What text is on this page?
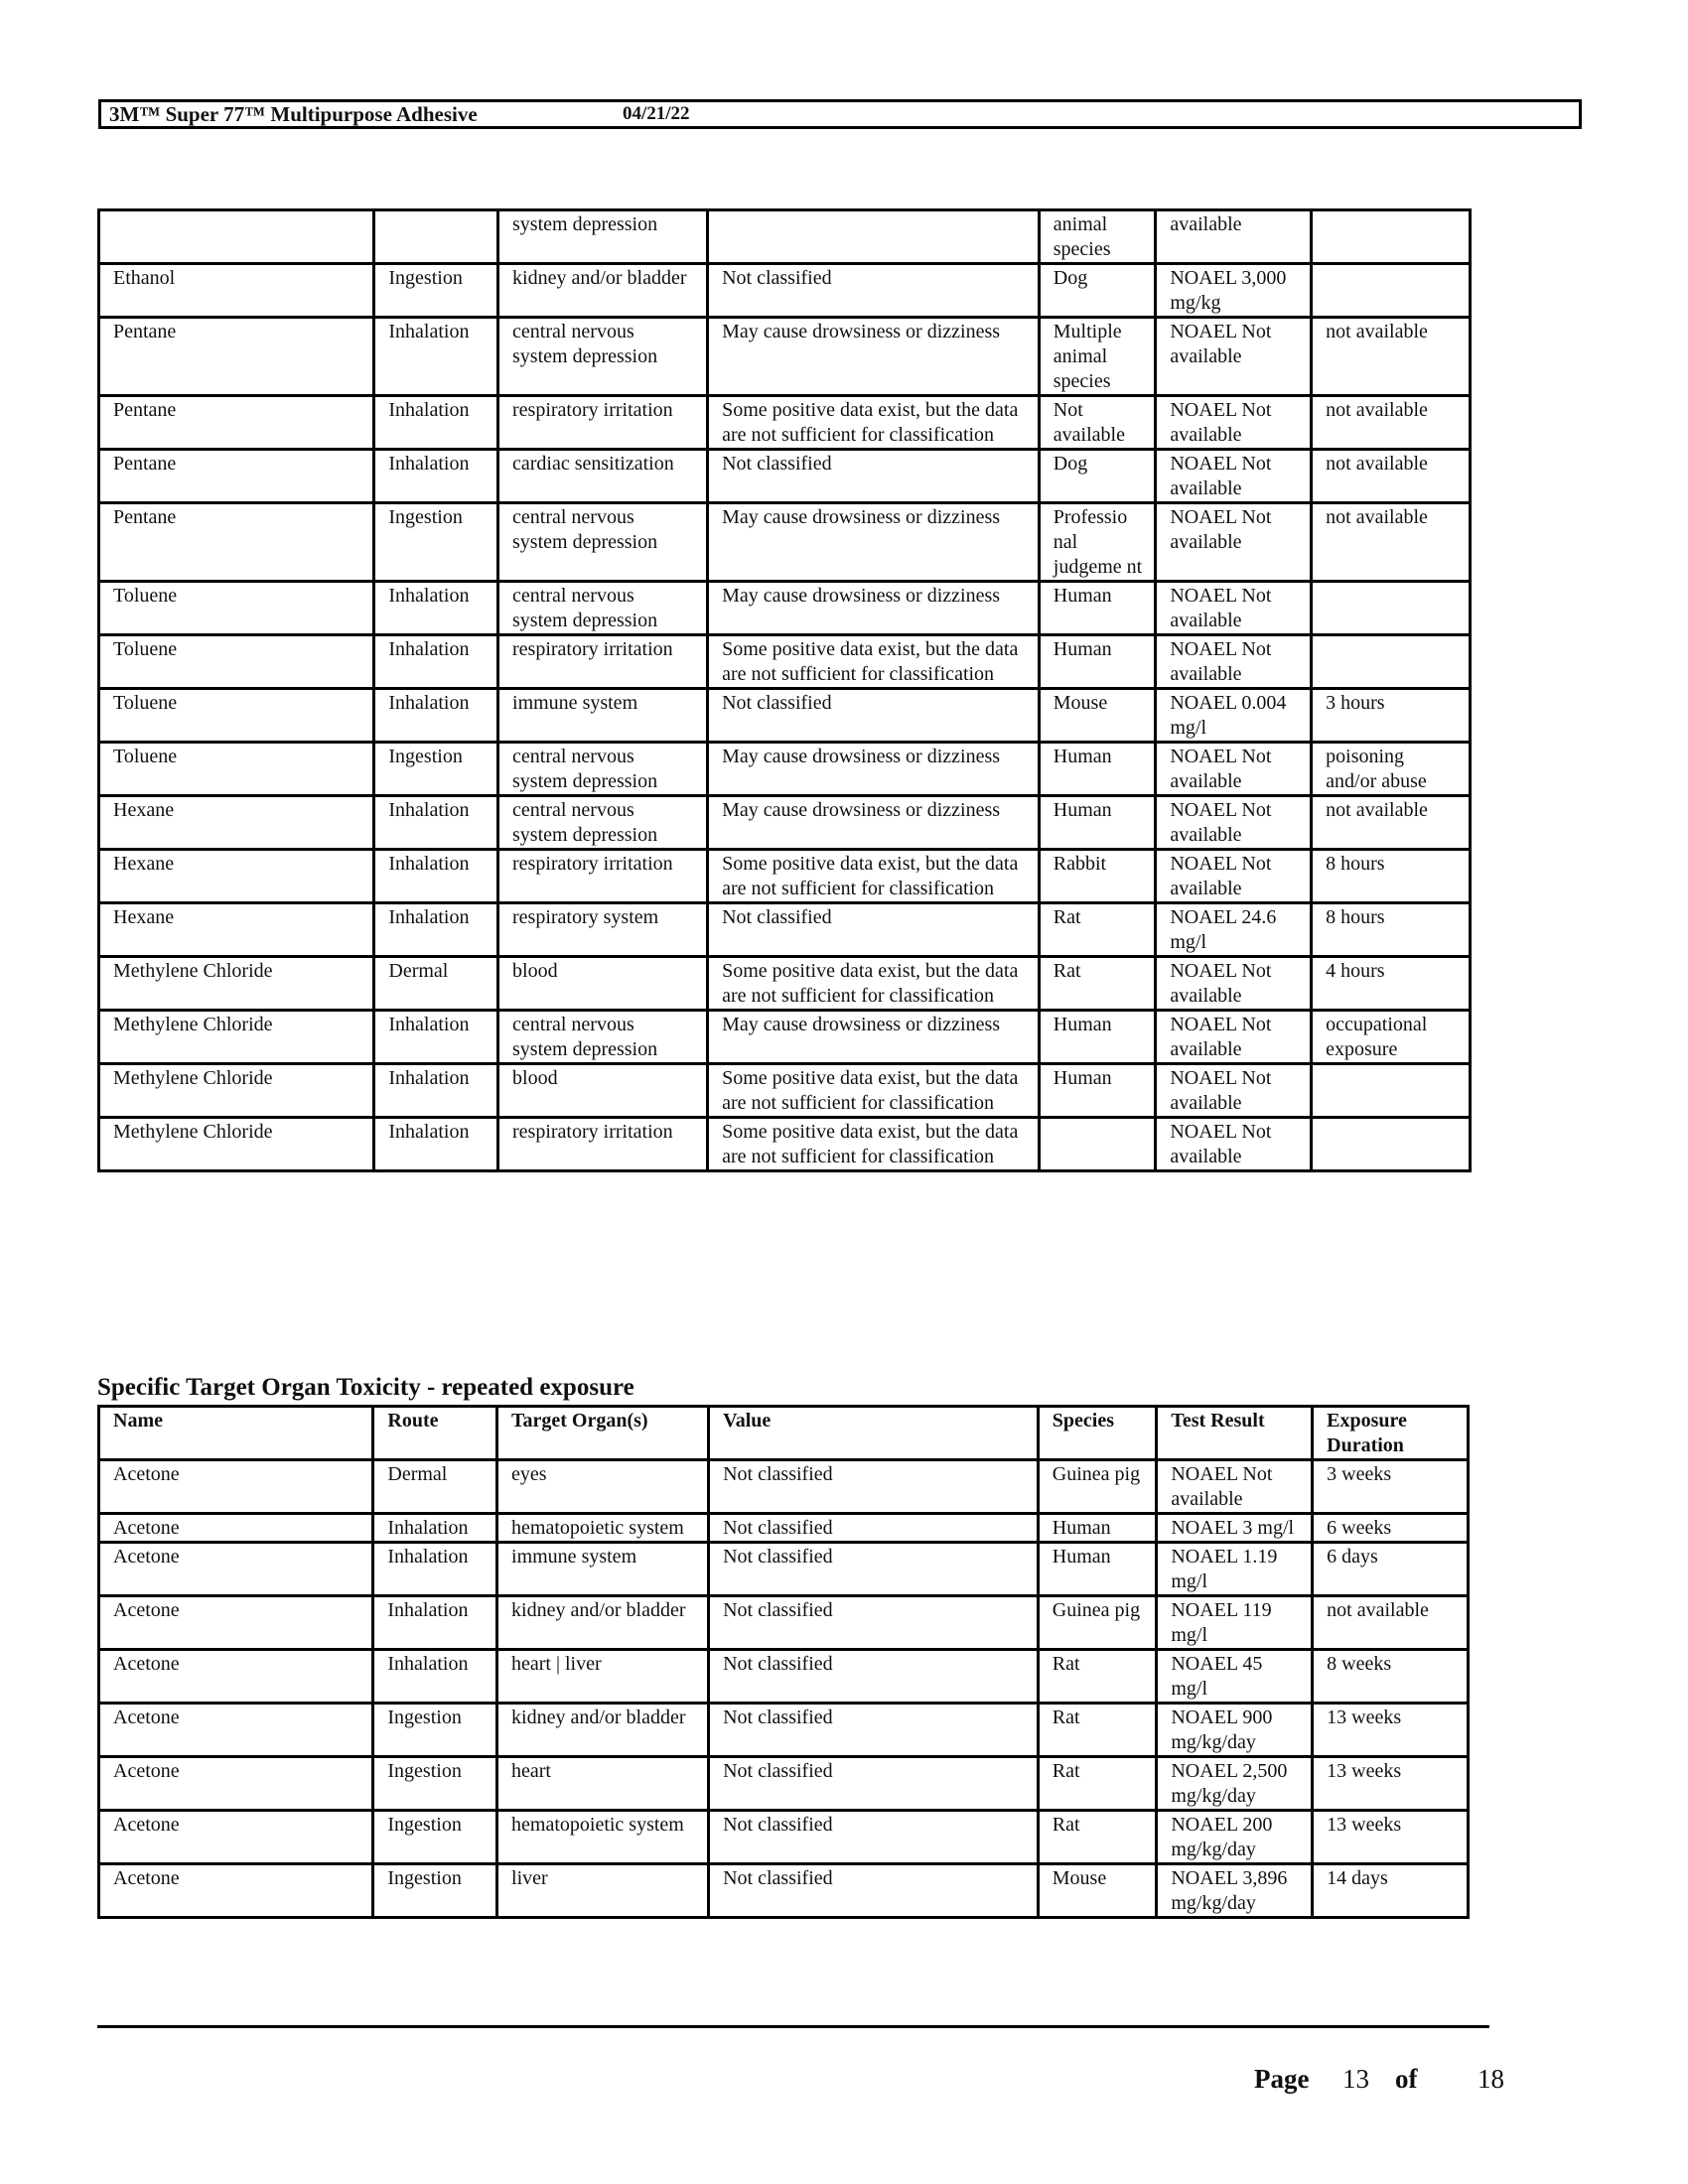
3M™ Super 77™ Multipurpose Adhesive	04/21/22
		system depression		animal species	available	
Ethanol	Ingestion	kidney and/or bladder	Not classified	Dog	NOAEL 3,000 mg/kg	
Pentane	Inhalation	central nervous system depression	May cause drowsiness or dizziness	Multiple animal species	NOAEL Not available	not available
Pentane	Inhalation	respiratory irritation	Some positive data exist, but the data are not sufficient for classification	Not available	NOAEL Not available	not available
Pentane	Inhalation	cardiac sensitization	Not classified	Dog	NOAEL Not available	not available
Pentane	Ingestion	central nervous system depression	May cause drowsiness or dizziness	Professio nal judgeme nt	NOAEL Not available	not available
Toluene	Inhalation	central nervous system depression	May cause drowsiness or dizziness	Human	NOAEL Not available	
Toluene	Inhalation	respiratory irritation	Some positive data exist, but the data are not sufficient for classification	Human	NOAEL Not available	
Toluene	Inhalation	immune system	Not classified	Mouse	NOAEL 0.004 mg/l	3 hours
Toluene	Ingestion	central nervous system depression	May cause drowsiness or dizziness	Human	NOAEL Not available	poisoning and/or abuse
Hexane	Inhalation	central nervous system depression	May cause drowsiness or dizziness	Human	NOAEL Not available	not available
Hexane	Inhalation	respiratory irritation	Some positive data exist, but the data are not sufficient for classification	Rabbit	NOAEL Not available	8 hours
Hexane	Inhalation	respiratory system	Not classified	Rat	NOAEL 24.6 mg/l	8 hours
Methylene Chloride	Dermal	blood	Some positive data exist, but the data are not sufficient for classification	Rat	NOAEL Not available	4 hours
Methylene Chloride	Inhalation	central nervous system depression	May cause drowsiness or dizziness	Human	NOAEL Not available	occupational exposure
Methylene Chloride	Inhalation	blood	Some positive data exist, but the data are not sufficient for classification	Human	NOAEL Not available	
Methylene Chloride	Inhalation	respiratory irritation	Some positive data exist, but the data are not sufficient for classification		NOAEL Not available	
Specific Target Organ Toxicity - repeated exposure
Name	Route	Target Organ(s)	Value	Species	Test Result	Exposure Duration
Acetone	Dermal	eyes	Not classified	Guinea pig	NOAEL Not available	3 weeks
Acetone	Inhalation	hematopoietic system	Not classified	Human	NOAEL 3 mg/l	6 weeks
Acetone	Inhalation	immune system	Not classified	Human	NOAEL 1.19 mg/l	6 days
Acetone	Inhalation	kidney and/or bladder	Not classified	Guinea pig	NOAEL 119 mg/l	not available
Acetone	Inhalation	heart | liver	Not classified	Rat	NOAEL 45 mg/l	8 weeks
Acetone	Ingestion	kidney and/or bladder	Not classified	Rat	NOAEL 900 mg/kg/day	13 weeks
Acetone	Ingestion	heart	Not classified	Rat	NOAEL 2,500 mg/kg/day	13 weeks
Acetone	Ingestion	hematopoietic system	Not classified	Rat	NOAEL 200 mg/kg/day	13 weeks
Acetone	Ingestion	liver	Not classified	Mouse	NOAEL 3,896 mg/kg/day	14 days
Page 13 of 18
